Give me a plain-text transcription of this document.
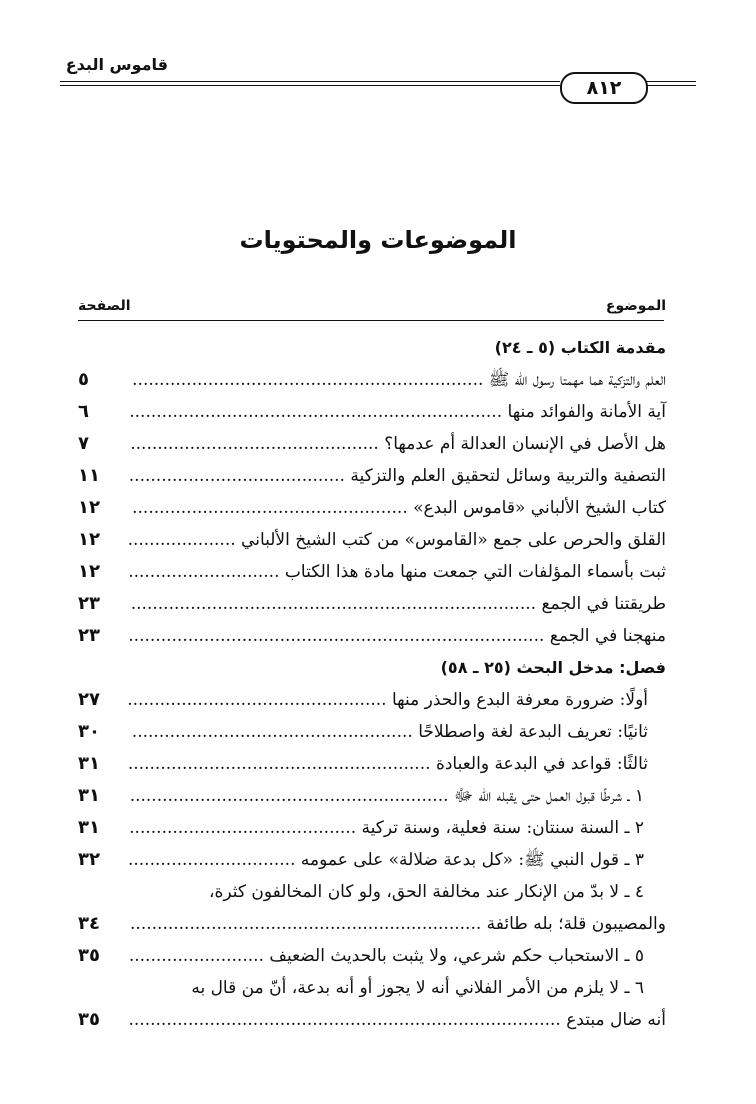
قاموس البدع
٨١٢
الموضوعات والمحتويات
الموضوع
الصفحة
مقدمة الكتاب (٥ ـ ٢٤)
العلم والتزكية هما مهمتا رسول الله ﷺ .................................................................
٥
آية الأمانة والفوائد منها .....................................................................
٦
هل الأصل في الإنسان العدالة أم عدمها؟ ..............................................
٧
التصفية والتربية وسائل لتحقيق العلم والتزكية ........................................
١١
كتاب الشيخ الألباني «قاموس البدع» ...................................................
١٢
القلق والحرص على جمع «القاموس» من كتب الشيخ الألباني ....................
١٢
ثبت بأسماء المؤلفات التي جمعت منها مادة هذا الكتاب ............................
١٢
طريقتنا في الجمع ...........................................................................
٢٣
منهجنا في الجمع .............................................................................
٢٣
فصل: مدخل البحث (٢٥ ـ ٥٨)
أولًا: ضرورة معرفة البدع والحذر منها ................................................
٢٧
ثانيًا: تعريف البدعة لغة واصطلاحًا ....................................................
٣٠
ثالثًا: قواعد في البدعة والعبادة ........................................................
٣١
١ ـ شرطًا قبول العمل حتى يقبله الله ﷻ ...........................................................
٣١
٢ ـ السنة سنتان: سنة فعلية، وسنة تركية ..........................................
٣١
٣ ـ قول النبي ﷺ: «كل بدعة ضلالة» على عمومه ...............................
٣٢
٤ ـ لا بدّ من الإنكار عند مخالفة الحق، ولو كان المخالفون كثرة،
والمصيبون قلة؛ بله طائفة .................................................................
٣٤
٥ ـ الاستحباب حكم شرعي، ولا يثبت بالحديث الضعيف .........................
٣٥
٦ ـ لا يلزم من الأمر الفلاني أنه لا يجوز أو أنه بدعة، أنّ من قال به
أنه ضال مبتدع ................................................................................
٣٥
